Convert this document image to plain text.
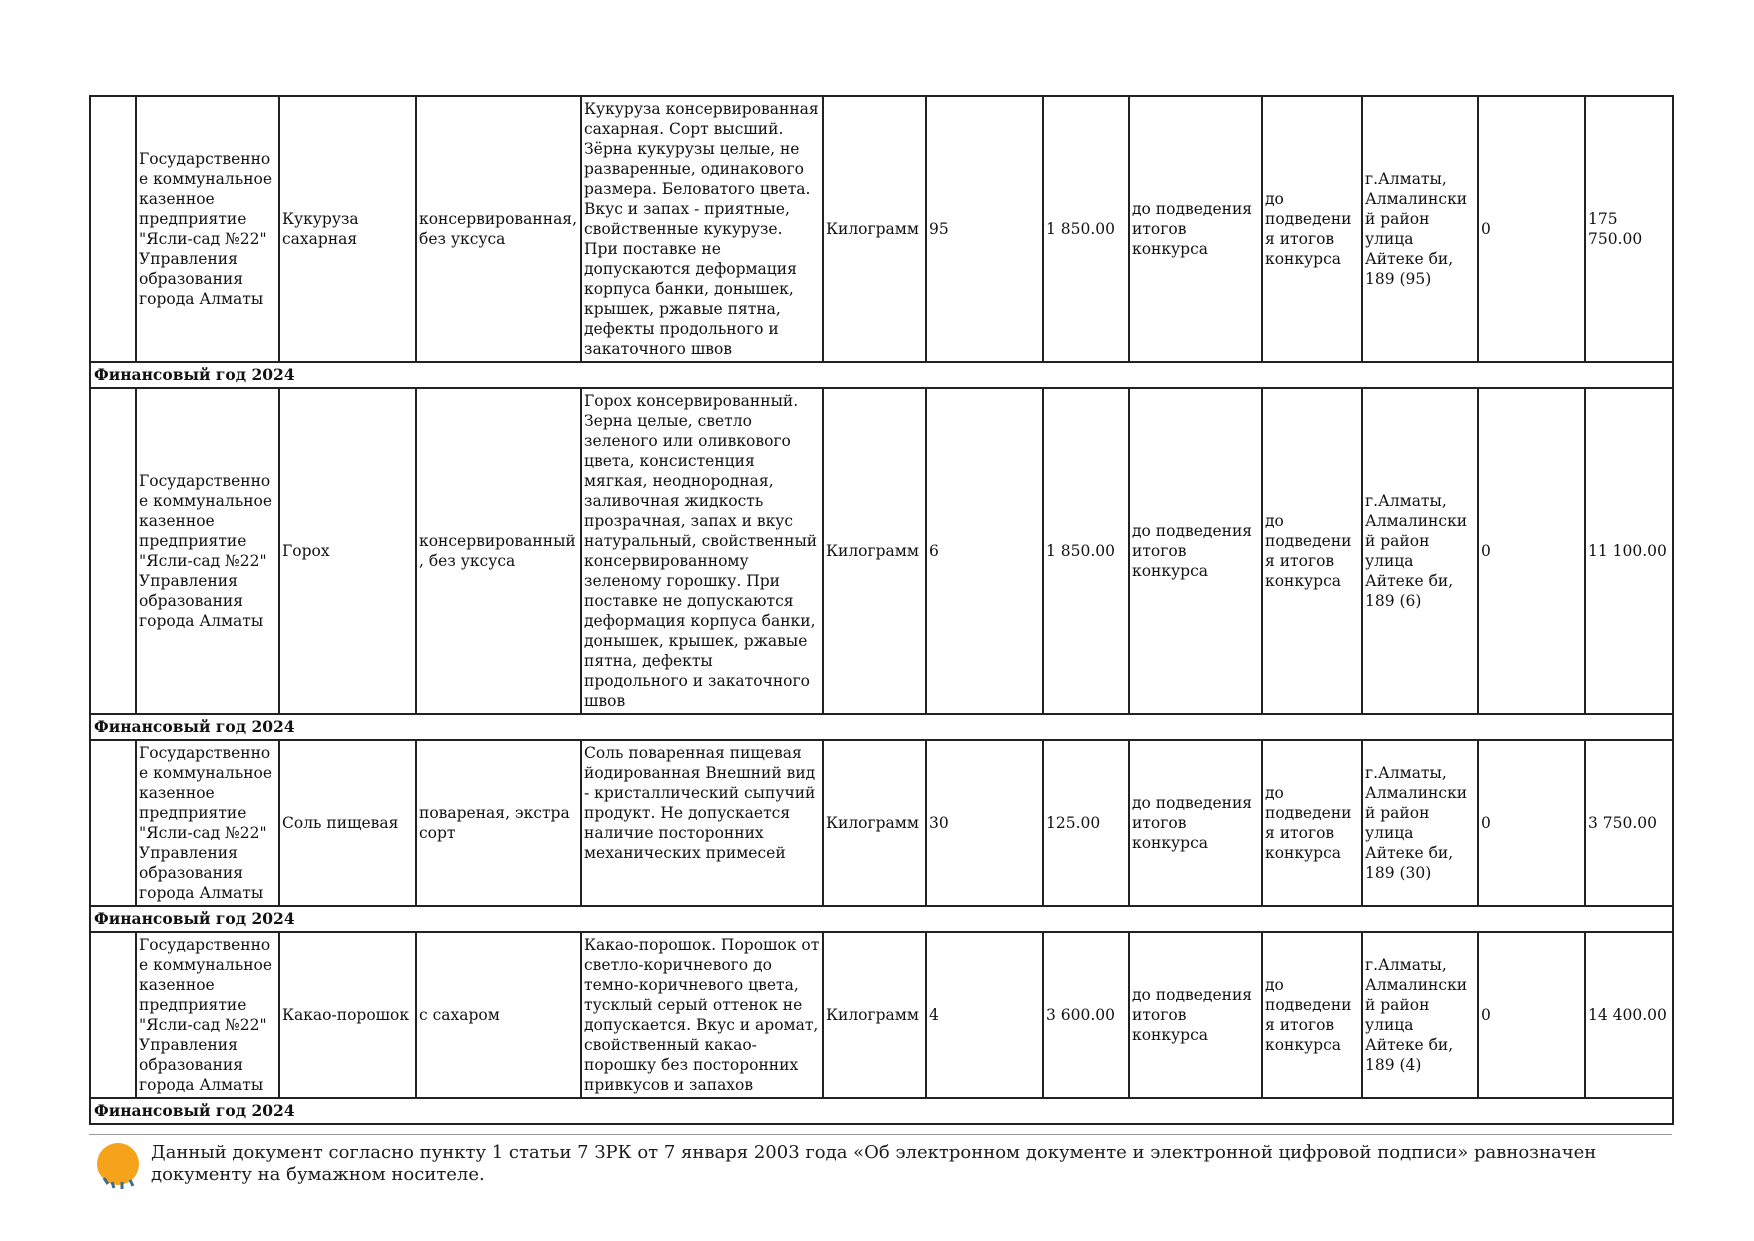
	Государственное коммунальное казенное предприятие "Ясли-сад №22" Управления образования города Алматы	Кукуруза сахарная	консервированная, без уксуса	Кукуруза консервированная сахарная. Сорт высший. Зёрна кукурузы целые, не разваренные, одинакового размера. Беловатого цвета. Вкус и запах - приятные, свойственные кукурузе. При поставке не допускаются деформация корпуса банки, донышек, крышек, ржавые пятна, дефекты продольного и закаточного швов	Килограмм	95	1 850.00	до подведения итогов конкурса	до подведения итогов конкурса	г.Алматы, Алмалинский район улица Айтеке би, 189 (95)	0	175 750.00
Финансовый год 2024												
	Государственное коммунальное казенное предприятие "Ясли-сад №22" Управления образования города Алматы	Горох	консервированный, без уксуса	Горох консервированный. Зерна целые, светло зеленого или оливкового цвета, консистенция мягкая, неоднородная, заливочная жидкость прозрачная, запах и вкус натуральный, свойственный консервированному зеленому горошку. При поставке не допускаются деформация корпуса банки, донышек, крышек, ржавые пятна, дефекты продольного и закаточного швов	Килограмм	6	1 850.00	до подведения итогов конкурса	до подведения итогов конкурса	г.Алматы, Алмалинский район улица Айтеке би, 189 (6)	0	11 100.00
Финансовый год 2024												
	Государственное коммунальное казенное предприятие "Ясли-сад №22" Управления образования города Алматы	Соль пищевая	повареная, экстра сорт	Соль поваренная пищевая йодированная Внешний вид - кристаллический сыпучий продукт. Не допускается наличие посторонних механических примесей	Килограмм	30	125.00	до подведения итогов конкурса	до подведения итогов конкурса	г.Алматы, Алмалинский район улица Айтеке би, 189 (30)	0	3 750.00
Финансовый год 2024												
	Государственное коммунальное казенное предприятие "Ясли-сад №22" Управления образования города Алматы	Какао-порошок	с сахаром	Какао-порошок. Порошок от светло-коричневого до темно-коричневого цвета, тусклый серый оттенок не допускается. Вкус и аромат, свойственный какао-порошку без посторонних привкусов и запахов	Килограмм	4	3 600.00	до подведения итогов конкурса	до подведения итогов конкурса	г.Алматы, Алмалинский район улица Айтеке би, 189 (4)	0	14 400.00
Финансовый год 2024												
Данный документ согласно пункту 1 статьи 7 ЗРК от 7 января 2003 года «Об электронном документе и электронной цифровой подписи» равнозначен документу на бумажном носителе.
